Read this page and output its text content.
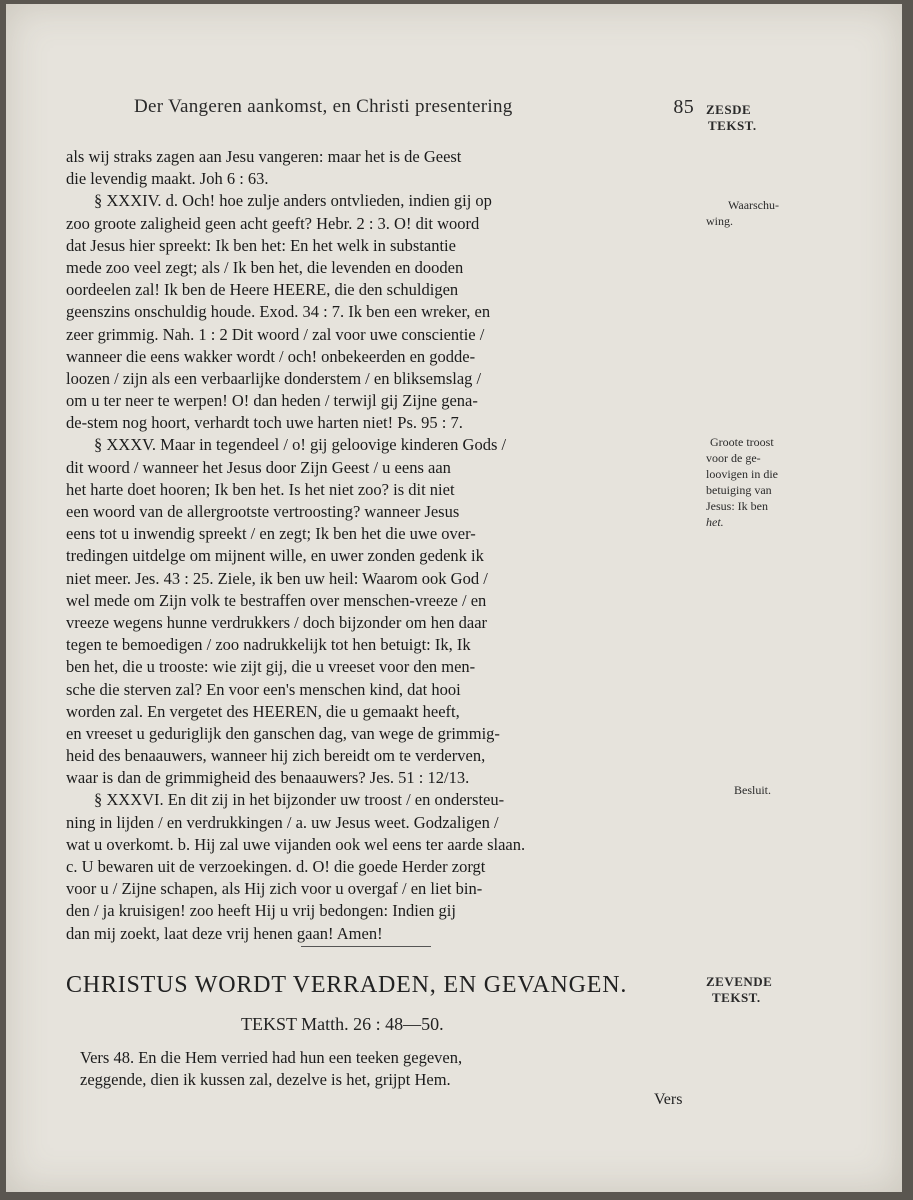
Der Vangeren aankomst, en Christi presentering	85 ZESDE
TEKST.
Waarschu-
wing.
Groote troost
voor de ge-
loovigen in die
betuiging van
Jesus: Ik ben
het.
Besluit.
ZEVENDE
TEKST.
als wij straks zagen aan Jesu vangeren: maar het is de Geest
die levendig maakt. Joh 6 : 63.
§ XXXIV. d. Och! hoe zulje anders ontvlieden, indien gij op
zoo groote zaligheid geen acht geeft? Hebr. 2 : 3. O! dit woord
dat Jesus hier spreekt: Ik ben het: En het welk in substantie
mede zoo veel zegt; als / Ik ben het, die levenden en dooden
oordeelen zal! Ik ben de Heere HEERE, die den schuldigen
geenszins onschuldig houde. Exod. 34 : 7. Ik ben een wreker, en
zeer grimmig. Nah. 1 : 2 Dit woord / zal voor uwe conscientie /
wanneer die eens wakker wordt / och! onbekeerden en godde-
loozen / zijn als een verbaarlijke donderstem / en bliksemslag /
om u ter neer te werpen! O! dan heden / terwijl gij Zijne gena-
de-stem nog hoort, verhardt toch uwe harten niet! Ps. 95 : 7.
§ XXXV. Maar in tegendeel / o! gij geloovige kinderen Gods /
dit woord / wanneer het Jesus door Zijn Geest / u eens aan
het harte doet hooren; Ik ben het. Is het niet zoo? is dit niet
een woord van de allergrootste vertroosting? wanneer Jesus
eens tot u inwendig spreekt / en zegt; Ik ben het die uwe over-
tredingen uitdelge om mijnent wille, en uwer zonden gedenk ik
niet meer. Jes. 43 : 25. Ziele, ik ben uw heil: Waarom ook God /
wel mede om Zijn volk te bestraffen over menschen-vreeze / en
vreeze wegens hunne verdrukkers / doch bijzonder om hen daar
tegen te bemoedigen / zoo nadrukkelijk tot hen betuigt: Ik, Ik
ben het, die u trooste: wie zijt gij, die u vreeset voor den men-
sche die sterven zal? En voor een's menschen kind, dat hooi
worden zal. En vergetet des HEEREN, die u gemaakt heeft,
en vreeset u geduriglijk den ganschen dag, van wege de grimmig-
heid des benaauwers, wanneer hij zich bereidt om te verderven,
waar is dan de grimmigheid des benaauwers? Jes. 51 : 12/13.
§ XXXVI. En dit zij in het bijzonder uw troost / en ondersteu-
ning in lijden / en verdrukkingen / a. uw Jesus weet. Godzaligen /
wat u overkomt. b. Hij zal uwe vijanden ook wel eens ter aarde slaan.
c. U bewaren uit de verzoekingen. d. O! die goede Herder zorgt
voor u / Zijne schapen, als Hij zich voor u overgaf / en liet bin-
den / ja kruisigen! zoo heeft Hij u vrij bedongen: Indien gij
dan mij zoekt, laat deze vrij henen gaan! Amen!
CHRISTUS WORDT VERRADEN, EN GEVANGEN.
TEKST Matth. 26 : 48—50.
Vers 48. En die Hem verried had hun een teeken gegeven,
zeggende, dien ik kussen zal, dezelve is het, grijpt Hem.
Vers
